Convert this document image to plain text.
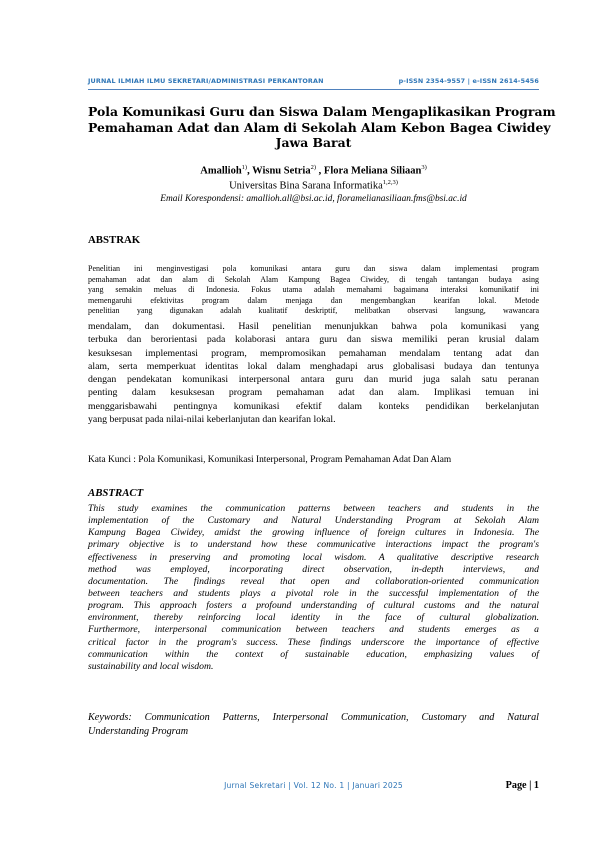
JURNAL ILMIAH ILMU SEKRETARI/ADMINISTRASI PERKANTORAN	p-ISSN 2354-9557 | e-ISSN 2614-5456
Pola Komunikasi Guru dan Siswa Dalam Mengaplikasikan Program
Pemahaman Adat dan Alam di Sekolah Alam Kebon Bagea Ciwidey
Jawa Barat
Amallioh$^{1)}$, Wisnu Setria$^{2)}$ , Flora Meliana Siliaan$^{3)}$
Universitas Bina Sarana Informatika$^{1,2,3)}$
Email Korespondensi: amallioh.all@bsi.ac.id, floramelianasiliaan.fms@bsi.ac.id
ABSTRAK
Penelitian ini menginvestigasi pola komunikasi antara guru dan siswa dalam implementasi program
pemahaman adat dan alam di Sekolah Alam Kampung Bagea Ciwidey, di tengah tantangan budaya asing
yang semakin meluas di Indonesia. Fokus utama adalah memahami bagaimana interaksi komunikatif ini
memengaruhi efektivitas program dalam menjaga dan mengembangkan kearifan lokal. Metode
penelitian yang digunakan adalah kualitatif deskriptif, melibatkan observasi langsung, wawancara
mendalam, dan dokumentasi. Hasil penelitian menunjukkan bahwa pola komunikasi yang
terbuka dan berorientasi pada kolaborasi antara guru dan siswa memiliki peran krusial dalam
kesuksesan implementasi program, mempromosikan pemahaman mendalam tentang adat dan
alam, serta memperkuat identitas lokal dalam menghadapi arus globalisasi budaya dan tentunya
dengan pendekatan komunikasi interpersonal antara guru dan murid juga salah satu peranan
penting dalam kesuksesan program pemahaman adat dan alam. Implikasi temuan ini
menggarisbawahi pentingnya komunikasi efektif dalam konteks pendidikan berkelanjutan
yang berpusat pada nilai-nilai keberlanjutan dan kearifan lokal.
Kata Kunci : Pola Komunikasi, Komunikasi Interpersonal, Program Pemahaman Adat Dan Alam
ABSTRACT
This study examines the communication patterns between teachers and students in the
implementation of the Customary and Natural Understanding Program at Sekolah Alam
Kampung Bagea Ciwidey, amidst the growing influence of foreign cultures in Indonesia. The
primary objective is to understand how these communicative interactions impact the program's
effectiveness in preserving and promoting local wisdom. A qualitative descriptive research
method was employed, incorporating direct observation, in-depth interviews, and
documentation. The findings reveal that open and collaboration-oriented communication
between teachers and students plays a pivotal role in the successful implementation of the
program. This approach fosters a profound understanding of cultural customs and the natural
environment, thereby reinforcing local identity in the face of cultural globalization.
Furthermore, interpersonal communication between teachers and students emerges as a
critical factor in the program's success. These findings underscore the importance of effective
communication within the context of sustainable education, emphasizing values of
sustainability and local wisdom.
Keywords: Communication Patterns, Interpersonal Communication, Customary and Natural
Understanding Program
Jurnal Sekretari | Vol. 12 No. 1 | Januari 2025	Page | 1
